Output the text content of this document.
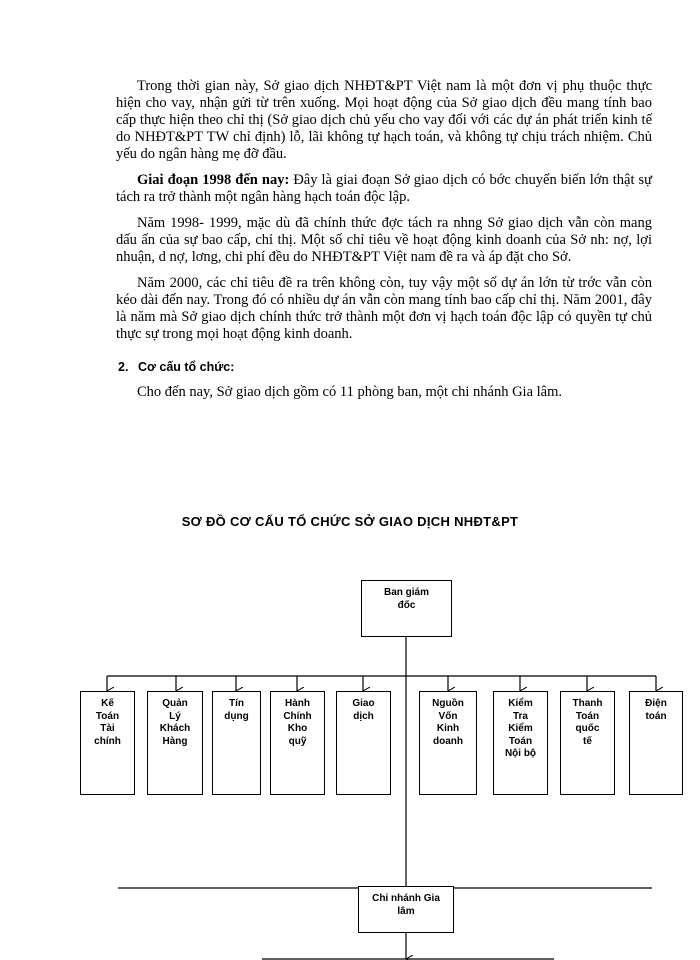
Trong thời gian này, Sở giao dịch NHĐT&PT Việt nam là một đơn vị phụ thuộc thực hiện cho vay, nhận gửi từ trên xuống. Mọi hoạt động của Sở giao dịch đều mang tính bao cấp thực hiện theo chỉ thị (Sở giao dịch chủ yếu cho vay đối với các dự án phát triển kinh tế do NHĐT&PT TW chỉ định) lỗ, lãi không tự hạch toán, và không tự chịu trách nhiệm. Chủ yếu do ngân hàng mẹ đỡ đầu.

Giai đoạn 1998 đến nay: Đây là giai đoạn Sở giao dịch có bớc chuyển biến lớn thật sự tách ra trở thành một ngân hàng hạch toán độc lập.

Năm 1998- 1999, mặc dù đã chính thức đợc tách ra nhng Sở giao dịch vẫn còn mang dấu ấn của sự bao cấp, chỉ thị. Một số chỉ tiêu về hoạt động kinh doanh của Sở nh: nợ, lợi nhuận, d nợ, lơng, chi phí đều do NHĐT&PT Việt nam đề ra và áp đặt cho Sở.

Năm 2000, các chỉ tiêu đề ra trên không còn, tuy vậy một số dự án lớn từ trớc vẫn còn kéo dài đến nay. Trong đó có nhiều dự án vẫn còn mang tính bao cấp chỉ thị. Năm 2001, đây là năm mà Sở giao dịch chính thức trở thành một đơn vị hạch toán độc lập có quyền tự chủ thực sự trong mọi hoạt động kinh doanh.

2. Cơ cấu tổ chức:
Cho đến nay, Sở giao dịch gồm có 11 phòng ban, một chi nhánh Gia lâm.
SƠ ĐỒ CƠ CẤU TỔ CHỨC SỞ GIAO DỊCH NHĐT&PT
Ban giám
đốc
Kế
Toán
Tài
chính
Quản
Lý
Khách
Hàng
Tín
dụng
Hành
Chính
Kho
quỹ
Giao
dịch
Nguồn
Vốn
Kinh
doanh
Kiểm
Tra
Kiểm
Toán
Nội bộ
Thanh
Toán
quốc
tế
Điện
toán
Chi nhánh Gia
lâm
